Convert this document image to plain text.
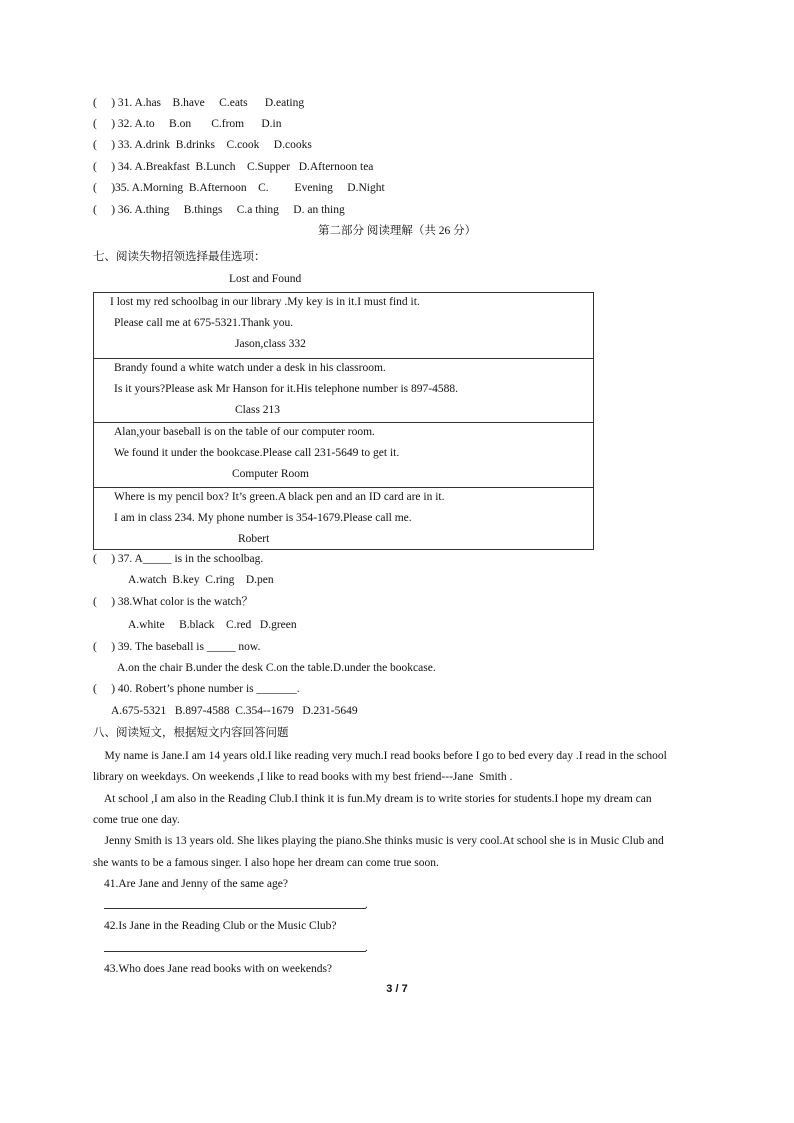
(     ) 31. A.has    B.have     C.eats      D.eating
(     ) 32. A.to     B.on       C.from      D.in
(     ) 33. A.drink  B.drinks    C.cook     D.cooks
(     ) 34. A.Breakfast  B.Lunch    C.Supper   D.Afternoon tea
(     )35. A.Morning  B.Afternoon    C.         Evening     D.Night
(     ) 36. A.thing     B.things     C.a thing     D. an thing
第二部分 阅读理解（共 26 分）
七、阅读失物招领选择最佳选项：
Lost and Found
I lost my red schoolbag in our library .My key is in it.I must find it.
Please call me at 675-5321.Thank you.
Jason,class 332
Brandy found a white watch under a desk in his classroom.
Is it yours?Please ask Mr Hanson for it.His telephone number is 897-4588.
Class 213
Alan,your baseball is on the table of our computer room.
We found it under the bookcase.Please call 231-5649 to get it.
Computer Room
Where is my pencil box? It’s green.A black pen and an ID card are in it.
I am in class 234. My phone number is 354-1679.Please call me.
Robert
(     ) 37. A_____ is in the schoolbag.
A.watch  B.key  C.ring    D.pen
(     ) 38.What color is the watch？
A.white     B.black    C.red   D.green
(     ) 39. The baseball is _____ now.
A.on the chair B.under the desk C.on the table.D.under the bookcase.
(     ) 40. Robert’s phone number is _______.
A.675-5321   B.897-4588  C.354--1679   D.231-5649
八、阅读短文，根据短文内容回答问题
My name is Jane.I am 14 years old.I like reading very much.I read books before I go to bed every day .I read in the school
library on weekdays. On weekends ,I like to read books with my best friend---Jane  Smith .
At school ,I am also in the Reading Club.I think it is fun.My dream is to write stories for students.I hope my dream can
come true one day.
Jenny Smith is 13 years old. She likes playing the piano.She thinks music is very cool.At school she is in Music Club and
she wants to be a famous singer. I also hope her dream can come true soon.
41.Are Jane and Jenny of the same age?
.
42.Is Jane in the Reading Club or the Music Club?
.
43.Who does Jane read books with on weekends?
3 / 7
